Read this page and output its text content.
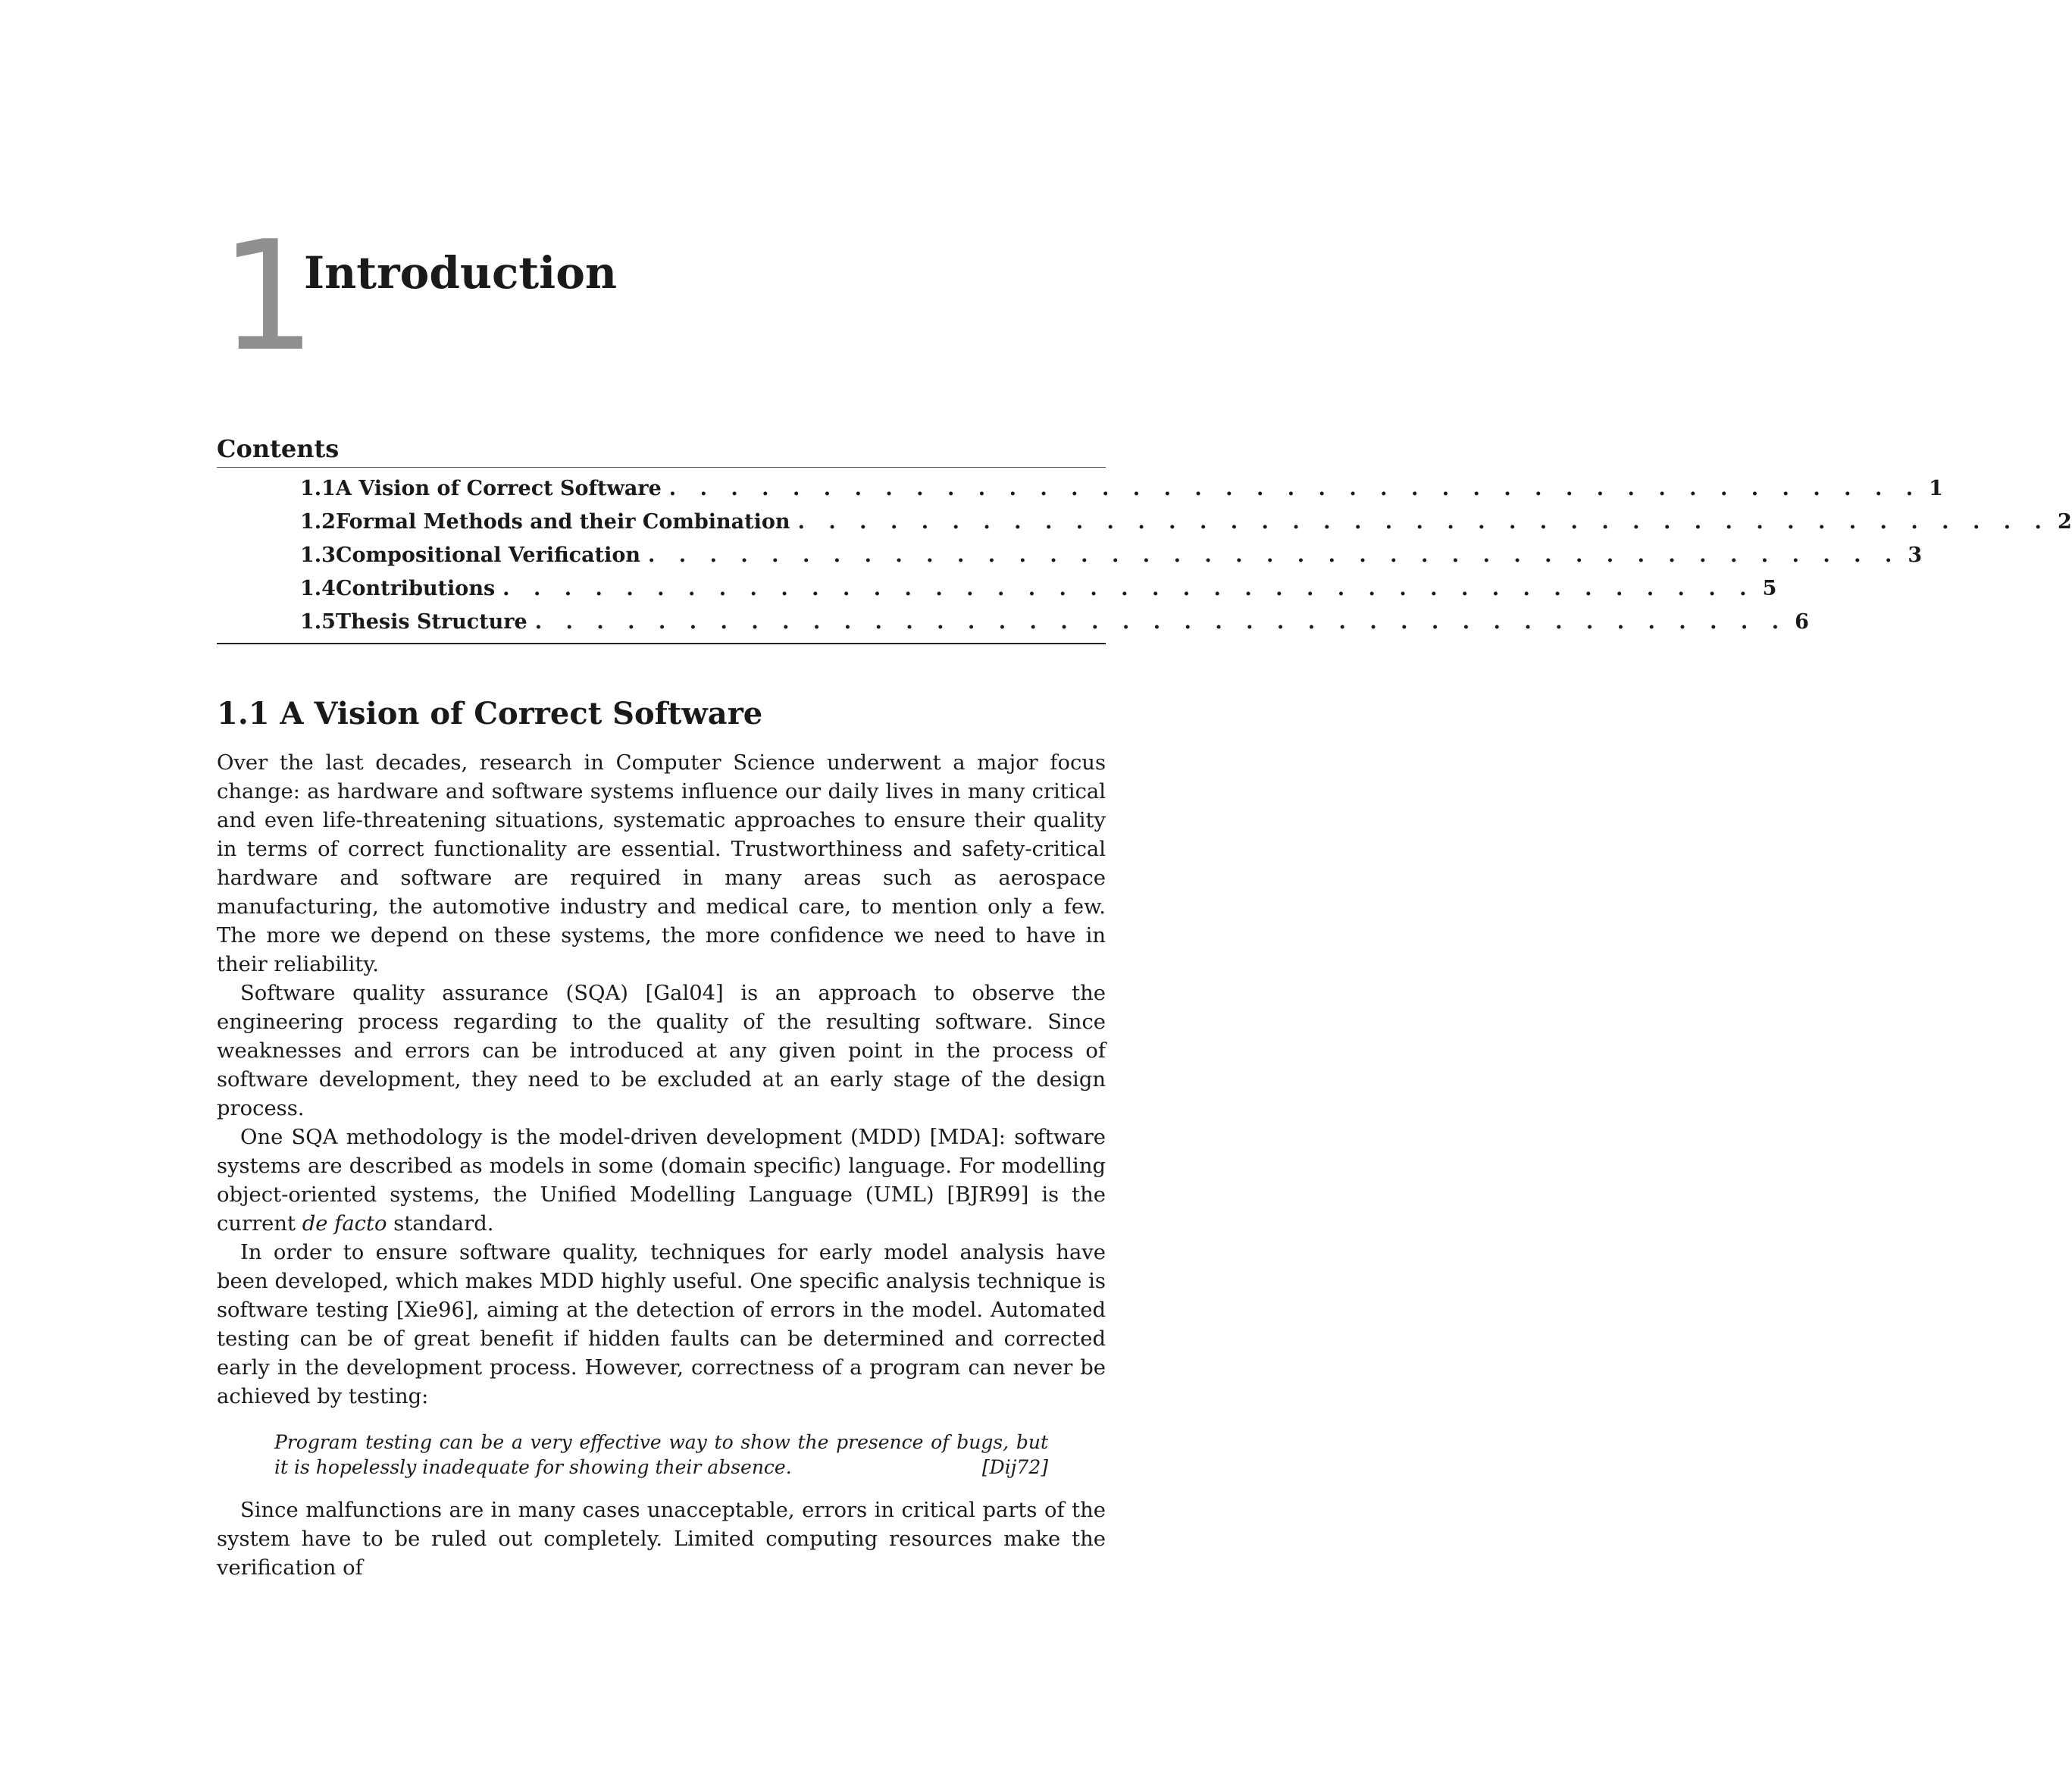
1
Introduction
Contents
1.1 A Vision of Correct Software . . . . . . . . . . . . . . . . . . . . . . . . . . . . . . . . . . . . . . . . . 1
1.2 Formal Methods and their Combination . . . . . . . . . . . . . . . . . . . . . . . . . . . . . . . . . . . . . . . . . 2
1.3 Compositional Verification . . . . . . . . . . . . . . . . . . . . . . . . . . . . . . . . . . . . . . . . . 3
1.4 Contributions . . . . . . . . . . . . . . . . . . . . . . . . . . . . . . . . . . . . . . . . . 5
1.5 Thesis Structure . . . . . . . . . . . . . . . . . . . . . . . . . . . . . . . . . . . . . . . . . 6
1.1 A Vision of Correct Software

Over the last decades, research in Computer Science underwent a major focus change: as hardware and software systems influence our daily lives in many critical and even life-threatening situations, systematic approaches to ensure their quality in terms of correct functionality are essential. Trustworthiness and safety-critical hardware and software are required in many areas such as aerospace manufacturing, the automotive industry and medical care, to mention only a few. The more we depend on these systems, the more confidence we need to have in their reliability.

Software quality assurance (SQA) [Gal04] is an approach to observe the engineering process regarding to the quality of the resulting software. Since weaknesses and errors can be introduced at any given point in the process of software development, they need to be excluded at an early stage of the design process.

One SQA methodology is the model-driven development (MDD) [MDA]: software systems are described as models in some (domain specific) language. For modelling object-oriented systems, the Unified Modelling Language (UML) [BJR99] is the current de facto standard.

In order to ensure software quality, techniques for early model analysis have been developed, which makes MDD highly useful. One specific analysis technique is software testing [Xie96], aiming at the detection of errors in the model. Automated testing can be of great benefit if hidden faults can be determined and corrected early in the development process. However, correctness of a program can never be achieved by testing:

Program testing can be a very effective way to show the presence of bugs, but it is hopelessly inadequate for showing their absence.	[Dij72]

Since malfunctions are in many cases unacceptable, errors in critical parts of the system have to be ruled out completely. Limited computing resources make the verification of
